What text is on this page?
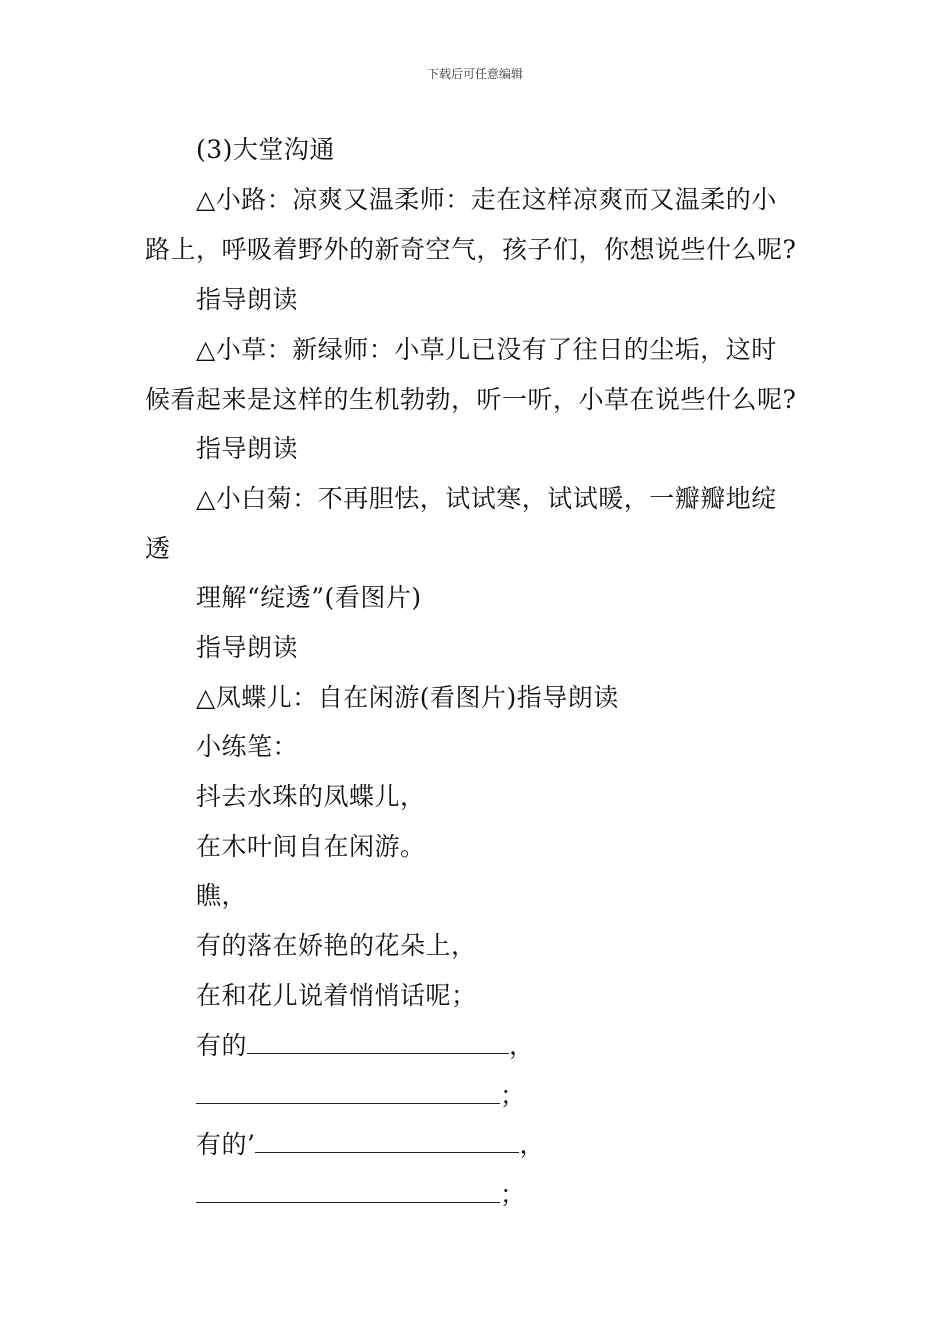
下载后可任意编辑
(3)大堂沟通
△小路：凉爽又温柔师：走在这样凉爽而又温柔的小
路上，呼吸着野外的新奇空气，孩子们，你想说些什么呢?
指导朗读
△小草：新绿师：小草儿已没有了往日的尘垢，这时
候看起来是这样的生机勃勃，听一听，小草在说些什么呢?
指导朗读
△小白菊：不再胆怯，试试寒，试试暖，一瓣瓣地绽
透
理解“绽透”(看图片)
指导朗读
△凤蝶儿：自在闲游(看图片)指导朗读
小练笔：
抖去水珠的凤蝶儿，
在木叶间自在闲游。
瞧，
有的落在娇艳的花朵上，
在和花儿说着悄悄话呢；
有的	，
；
有的’	，
；
